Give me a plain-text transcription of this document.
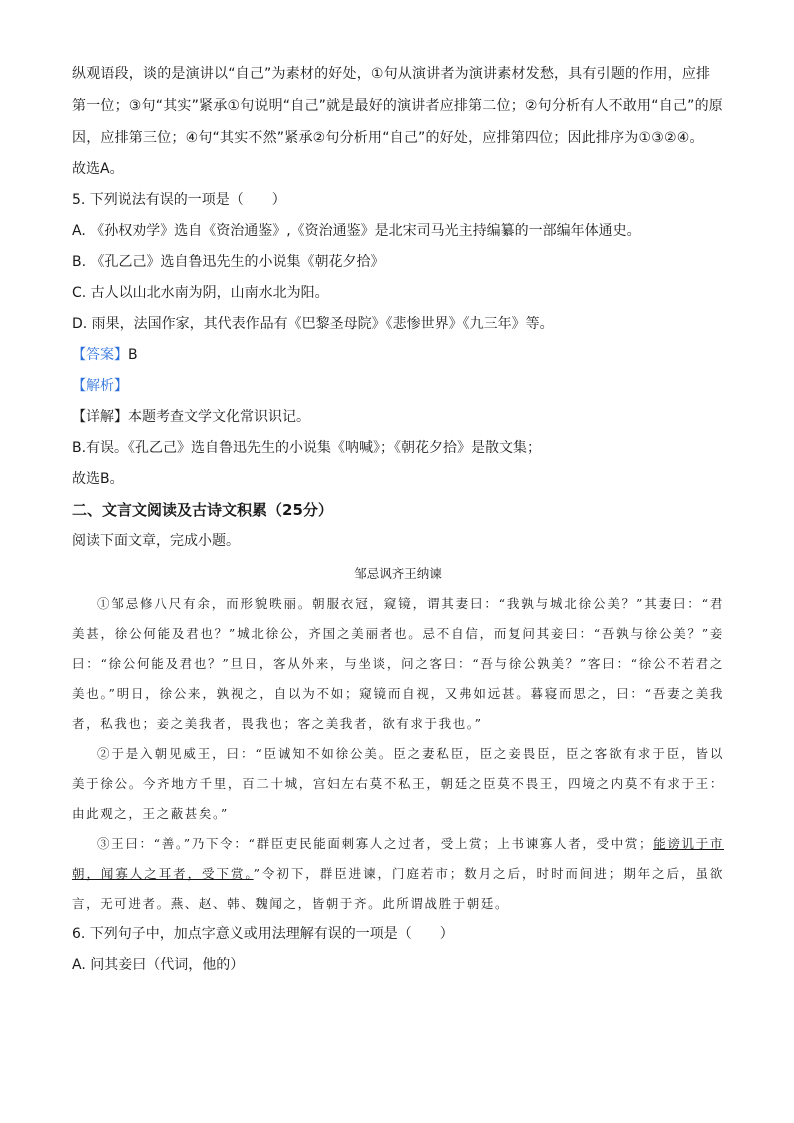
纵观语段，谈的是演讲以“自己”为素材的好处，①句从演讲者为演讲素材发愁，具有引题的作用，应排第一位；③句“其实”紧承①句说明“自己”就是最好的演讲者应排第二位；②句分析有人不敢用“自己”的原因，应排第三位；④句“其实不然”紧承②句分析用“自己”的好处，应排第四位；因此排序为①③②④。

故选A。

5. 下列说法有误的一项是（　　）

A. 《孙权劝学》选自《资治通鉴》,《资治通鉴》是北宋司马光主持编纂的一部编年体通史。

B. 《孔乙己》选自鲁迅先生的小说集《朝花夕拾》

C. 古人以山北水南为阴，山南水北为阳。

D. 雨果，法国作家，其代表作品有《巴黎圣母院》《悲惨世界》《九三年》等。

【答案】B

【解析】

【详解】本题考查文学文化常识识记。

B.有误。《孔乙己》选自鲁迅先生的小说集《呐喊》；《朝花夕拾》是散文集；

故选B。

二、文言文阅读及古诗文积累（25分）

阅读下面文章，完成小题。

邹忌讽齐王纳谏

①邹忌修八尺有余，而形貌昳丽。朝服衣冠，窥镜，谓其妻曰：“我孰与城北徐公美？”其妻曰：“君美甚，徐公何能及君也？”城北徐公，齐国之美丽者也。忌不自信，而复问其妾曰：“吾孰与徐公美？”妾曰：“徐公何能及君也？”旦日，客从外来，与坐谈，问之客曰：“吾与徐公孰美？”客曰：“徐公不若君之美也。”明日，徐公来，孰视之，自以为不如；窥镜而自视，又弗如远甚。暮寝而思之，曰：“吾妻之美我者，私我也；妾之美我者，畏我也；客之美我者，欲有求于我也。”

②于是入朝见威王，曰：“臣诚知不如徐公美。臣之妻私臣，臣之妾畏臣，臣之客欲有求于臣，皆以美于徐公。今齐地方千里，百二十城，宫妇左右莫不私王，朝廷之臣莫不畏王，四境之内莫不有求于王：由此观之，王之蔽甚矣。”

③王曰：“善。”乃下令：“群臣吏民能面刺寡人之过者，受上赏；上书谏寡人者，受中赏；能谤讥于市朝，闻寡人之耳者，受下赏。”令初下，群臣进谏，门庭若市；数月之后，时时而间进；期年之后，虽欲言，无可进者。燕、赵、韩、魏闻之，皆朝于齐。此所谓战胜于朝廷。

6. 下列句子中，加点字意义或用法理解有误的一项是（　　）

A. 问其妾曰（代词，他的）
